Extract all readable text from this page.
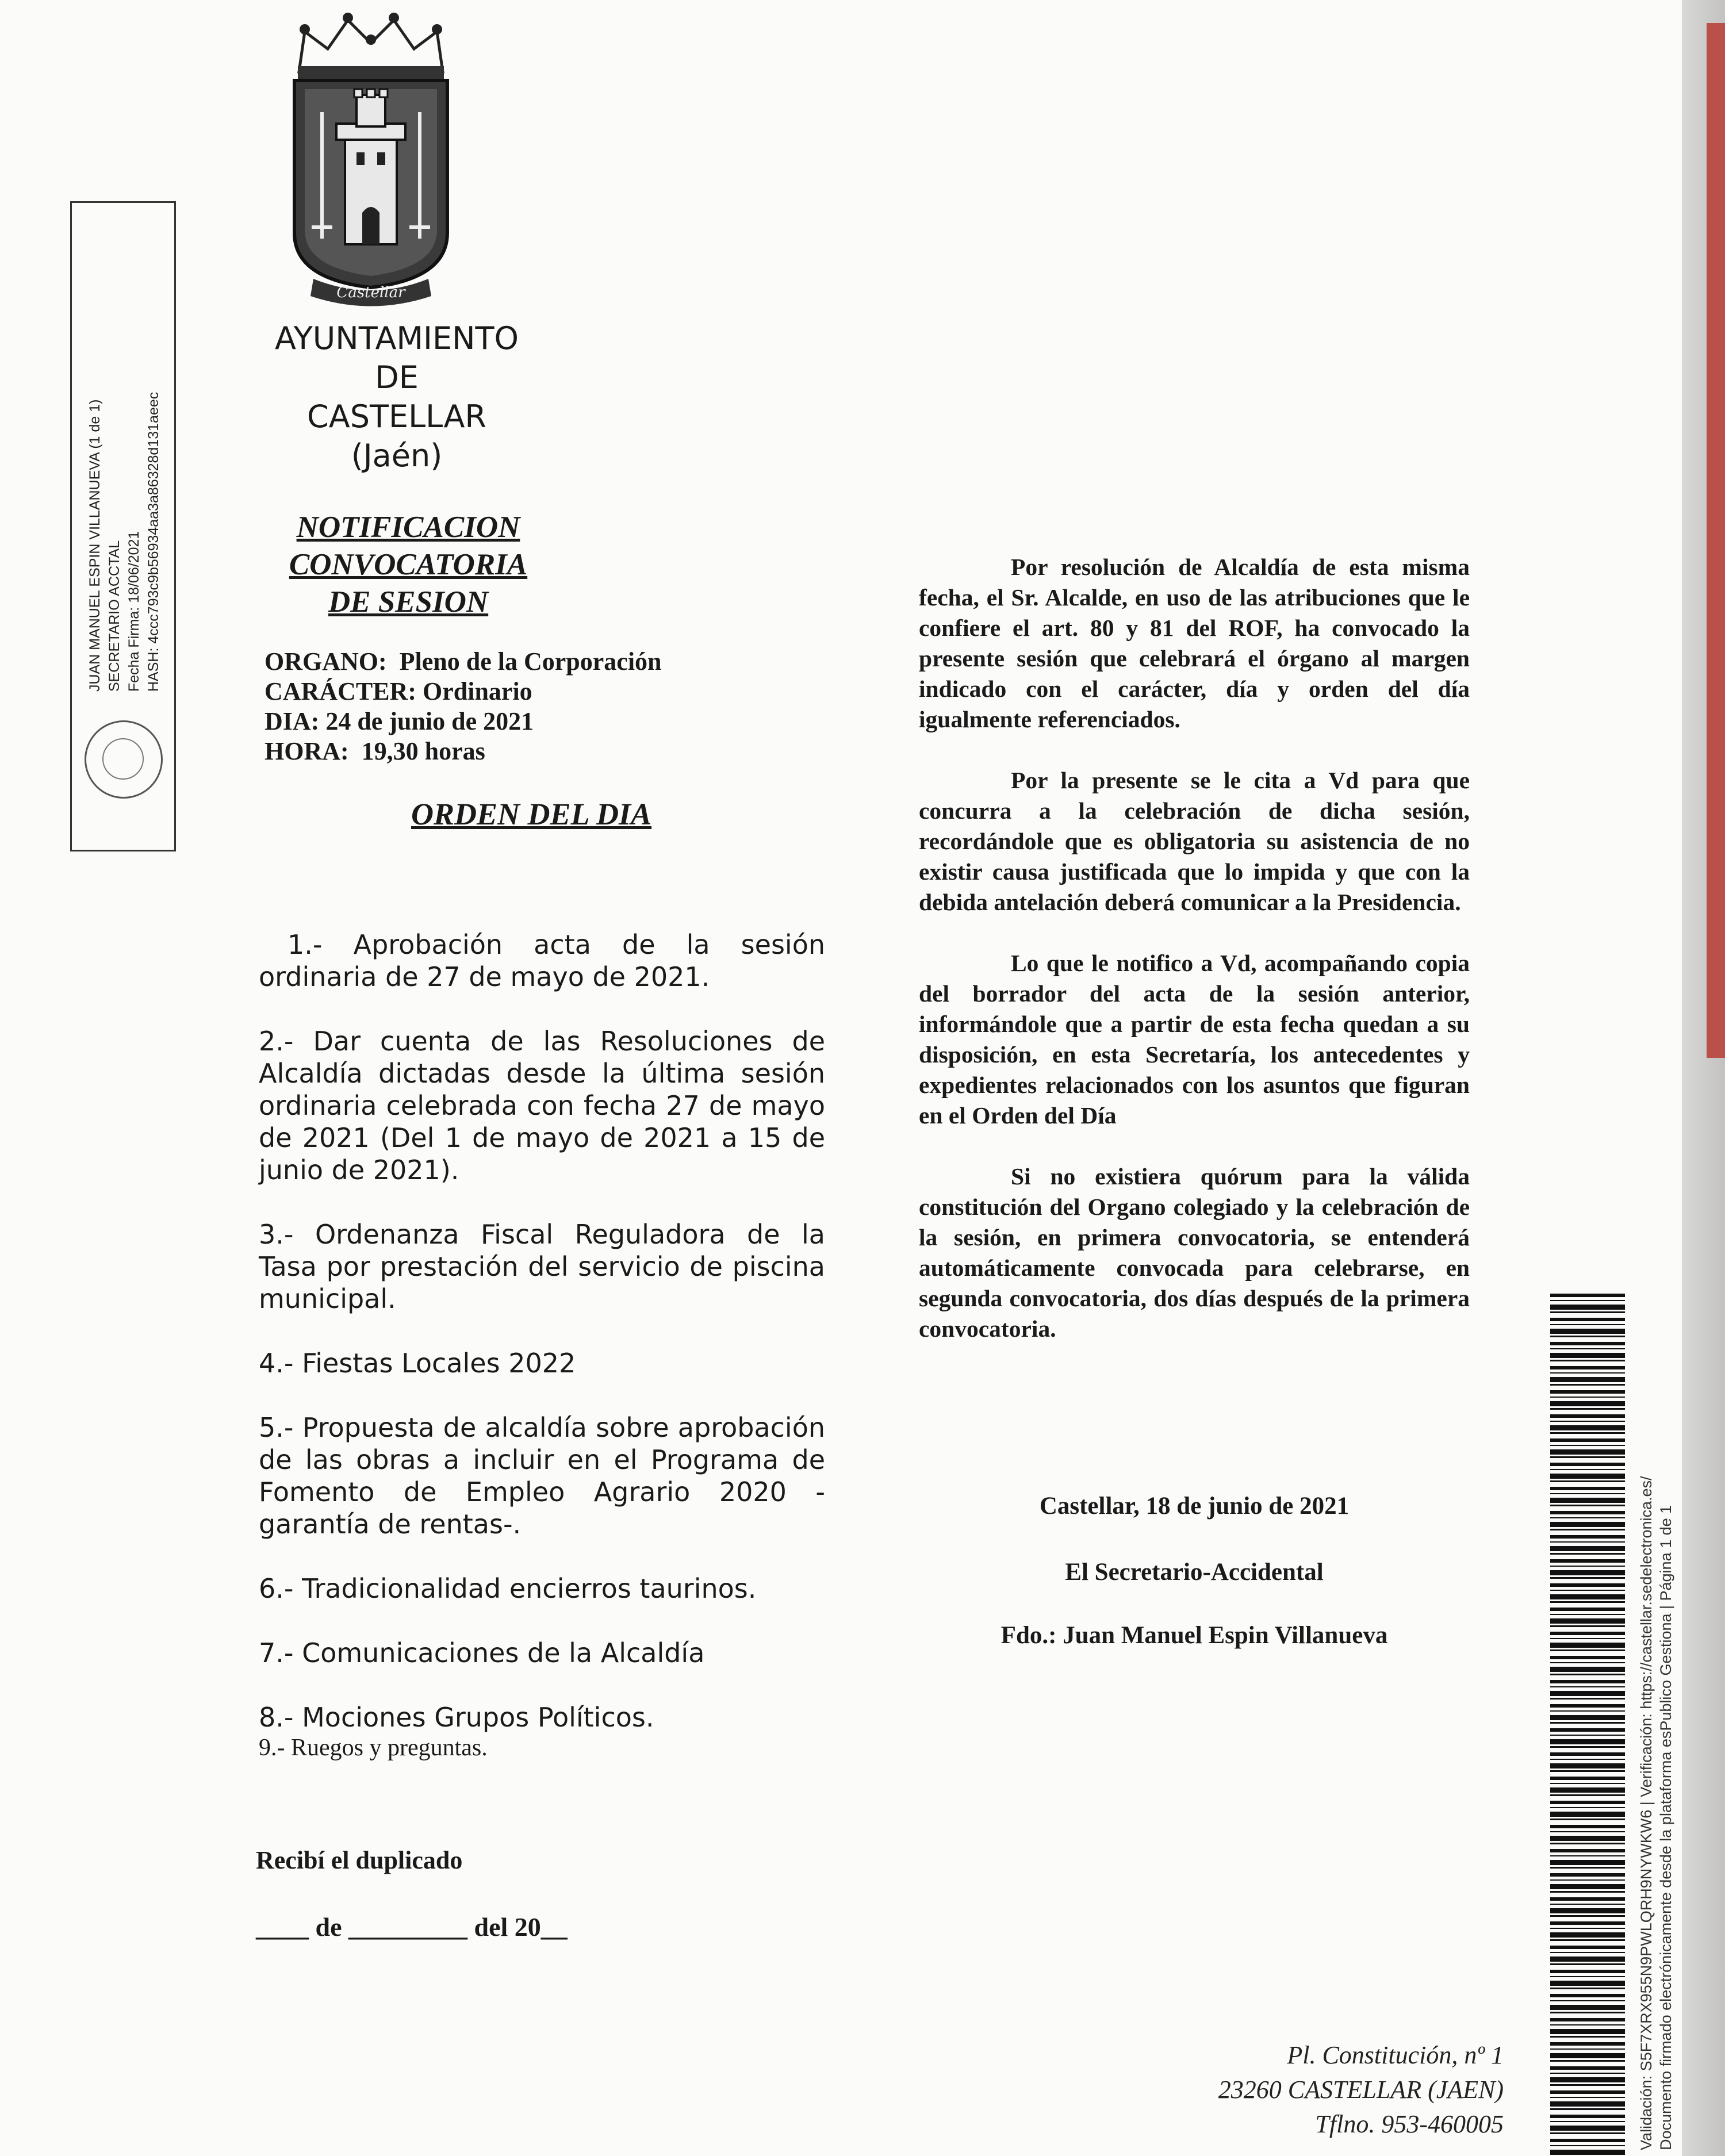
JUAN MANUEL ESPIN VILLANUEVA (1 de 1) SECRETARIO ACCTAL Fecha Firma: 18/06/2021 HASH: 4ccc793c9b56934aa3a86328d131aeec
Castellar
AYUNTAMIENTO
DE
CASTELLAR
(Jaén)
NOTIFICACION CONVOCATORIA
DE SESION
ORGANO: Pleno de la Corporación
CARÁCTER: Ordinario
DIA: 24 de junio de 2021
HORA: 19,30 horas
ORDEN DEL DIA
1.- Aprobación acta de la sesión ordinaria de 27 de mayo de 2021.
2.- Dar cuenta de las Resoluciones de Alcaldía dictadas desde la última sesión ordinaria celebrada con fecha 27 de mayo de 2021 (Del 1 de mayo de 2021 a 15 de junio de 2021).
3.- Ordenanza Fiscal Reguladora de la Tasa por prestación del servicio de piscina municipal.
4.- Fiestas Locales 2022
5.- Propuesta de alcaldía sobre aprobación de las obras a incluir en el Programa de Fomento de Empleo Agrario 2020 -garantía de rentas-.
6.- Tradicionalidad encierros taurinos.
7.- Comunicaciones de la Alcaldía
8.- Mociones Grupos Políticos.
9.- Ruegos y preguntas.
Recibí el duplicado
____ de _________ del 20__

Por resolución de Alcaldía de esta misma fecha, el Sr. Alcalde, en uso de las atribuciones que le confiere el art. 80 y 81 del ROF, ha convocado la presente sesión que celebrará el órgano al margen indicado con el carácter, día y orden del día igualmente referenciados.

Por la presente se le cita a Vd para que concurra a la celebración de dicha sesión, recordándole que es obligatoria su asistencia de no existir causa justificada que lo impida y que con la debida antelación deberá comunicar a la Presidencia.

Lo que le notifico a Vd, acompañando copia del borrador del acta de la sesión anterior, informándole que a partir de esta fecha quedan a su disposición, en esta Secretaría, los antecedentes y expedientes relacionados con los asuntos que figuran en el Orden del Día

Si no existiera quórum para la válida constitución del Organo colegiado y la celebración de la sesión, en primera convocatoria, se entenderá automáticamente convocada para celebrarse, en segunda convocatoria, dos días después de la primera convocatoria.

Castellar, 18 de junio de 2021
El Secretario-Accidental
Fdo.: Juan Manuel Espin Villanueva
Pl. Constitución, nº 1
23260 CASTELLAR (JAEN)
Tflno. 953-460005	Validación: S5F7XRX955N9PWLQRH9NYWKW6 | Verificación: https://castellar.sedelectronica.es/ Documento firmado electrónicamente desde la plataforma esPublico Gestiona | Página 1 de 1
